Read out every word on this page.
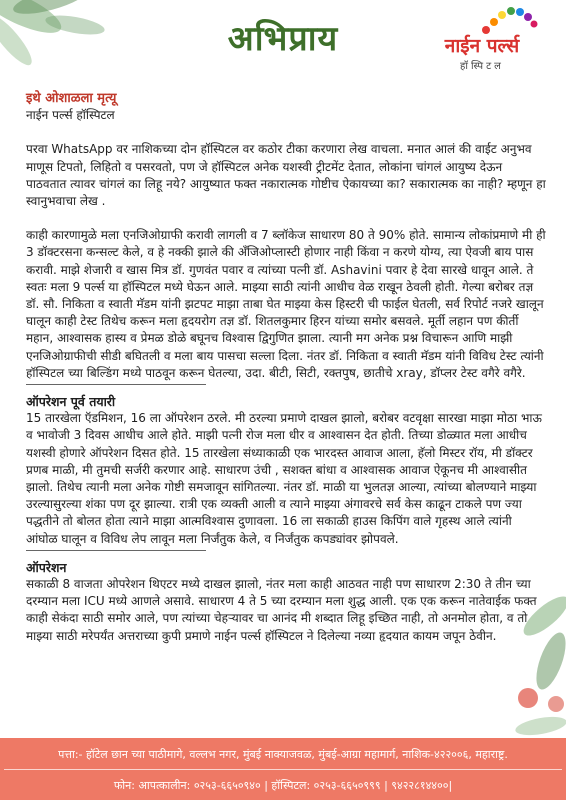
अभिप्राय	नाईन पर्ल्स
हॉस्पिटल
इथे ओशाळला मृत्यू

नाईन पर्ल्स हॉस्पिटल

परवा WhatsApp वर नाशिकच्या दोन हॉस्पिटल वर कठोर टीका करणारा लेख वाचला. मनात आलं की वाईट अनुभव माणूस टिपतो, लिहितो व पसरवतो, पण जे हॉस्पिटल अनेक यशस्वी ट्रीटमेंट देतात, लोकांना चांगलं आयुष्य देऊन पाठवतात त्यावर चांगलं का लिहू नये? आयुष्यात फक्त नकारात्मक गोष्टीच ऐकायच्या का? सकारात्मक का नाही? म्हणून हा स्वानुभवाचा लेख .

काही कारणामुळे मला एनजिओग्राफी करावी लागली व 7 ब्लॉकेज साधारण 80 ते 90% होते. सामान्य लोकांप्रमाणे मी ही 3 डॉक्टरसना कन्सल्ट केले, व हे नक्की झाले की अँजिओप्लास्टी होणार नाही किंवा न करणे योग्य, त्या ऐवजी बाय पास करावी. माझे शेजारी व खास मित्र डॉ. गुणवंत पवार व त्यांच्या पत्नी डॉ. Ashavini पवार हे देवा सारखे धावून आले. ते स्वतः मला 9 पर्ल्स या हॉस्पिटल मध्ये घेऊन आले. माझ्या साठी त्यांनी आधीच वेळ राखून ठेवली होती. गेल्या बरोबर तज्ञ डॉ. सौ. निकिता व स्वाती मॅडम यांनी झटपट माझा ताबा घेत माझ्या केस हिस्टरी ची फाईल घेतली, सर्व रिपोर्ट नजरे खालून घालून काही टेस्ट तिथेच करून मला हृदयरोग तज्ञ डॉ. शितलकुमार हिरन यांच्या समोर बसवले. मूर्ती लहान पण कीर्ती महान, आश्वासक हास्य व प्रेमळ डोळे बघूनच विश्वास द्विगुणित झाला. त्यानी मग अनेक प्रश्न विचारून आणि माझी एनजिओग्राफीची सीडी बघितली व मला बाय पासचा सल्ला दिला. नंतर डॉ. निकिता व स्वाती मॅडम यांनी विविध टेस्ट त्यांनी हॉस्पिटल च्या बिल्डिंग मध्ये पाठवून करून घेतल्या, उदा. बीटी, सिटी, रक्तपुष, छातीचे xray, डॉप्लर टेस्ट वगैरे वगैरे.

ऑपरेशन पूर्व तयारी

15 तारखेला ऍडमिशन, 16 ला ऑपरेशन ठरले. मी ठरल्या प्रमाणे दाखल झालो, बरोबर वटवृक्षा सारखा माझा मोठा भाऊ व भावोजी 3 दिवस आधीच आले होते. माझी पत्नी रोज मला धीर व आश्वासन देत होती. तिच्या डोळ्यात मला आधीच यशस्वी होणारे ऑपरेशन दिसत होते. 15 तारखेला संध्याकाळी एक भारदस्त आवाज आला, हॅलो मिस्टर रॉय, मी डॉक्टर प्रणब माळी, मी तुमची सर्जरी करणार आहे. साधारण उंची , सशक्त बांधा व आश्वासक आवाज ऐकूनच मी आश्वासीत झालो. तिथेच त्यानी मला अनेक गोष्टी समजावून सांगितल्या. नंतर डॉ. माळी या भुलतज्ञ आल्या, त्यांच्या बोलण्याने माझ्या उरल्यासुरल्या शंका पण दूर झाल्या. रात्री एक व्यक्ती आली व त्याने माझ्या अंगावरचे सर्व केस काढून टाकले पण ज्या पद्धतीने तो बोलत होता त्याने माझा आत्मविश्वास दुणावला. 16 ला सकाळी हाउस किपिंग वाले गृहस्थ आले त्यांनी आंघोळ घालून व विविध लेप लावून मला निर्जंतुक केले, व निर्जंतुक कपड्यांवर झोपवले.

ऑपरेशन

सकाळी 8 वाजता ओपरेशन थिएटर मध्ये दाखल झालो, नंतर मला काही आठवत नाही पण साधारण 2:30 ते तीन च्या दरम्यान मला ICU मध्ये आणले असावे. साधारण 4 ते 5 च्या दरम्यान मला शुद्ध आली. एक एक करून नातेवाईक फक्त काही सेकंदा साठी समोर आले, पण त्यांच्या चेहऱ्यावर चा आनंद मी शब्दात लिहू इच्छित नाही, तो अनमोल होता, व तो माझ्या साठी मरेपर्यंत अत्तराच्या कुपी प्रमाणे नाईन पर्ल्स हॉस्पिटल ने दिलेल्या नव्या हृदयात कायम जपून ठेवीन.

पत्ता:- हॉटेल छान च्या पाठीमागे, वल्लभ नगर, मुंबई नाक्याजवळ, मुंबई-आग्रा महामार्ग, नाशिक-४२२००६, महाराष्ट्र.
फोन: आपत्कालीन: ०२५३-६६५०९४० | हॉस्पिटल: ०२५३-६६५०९९९ | ९४२२८१४४००|
